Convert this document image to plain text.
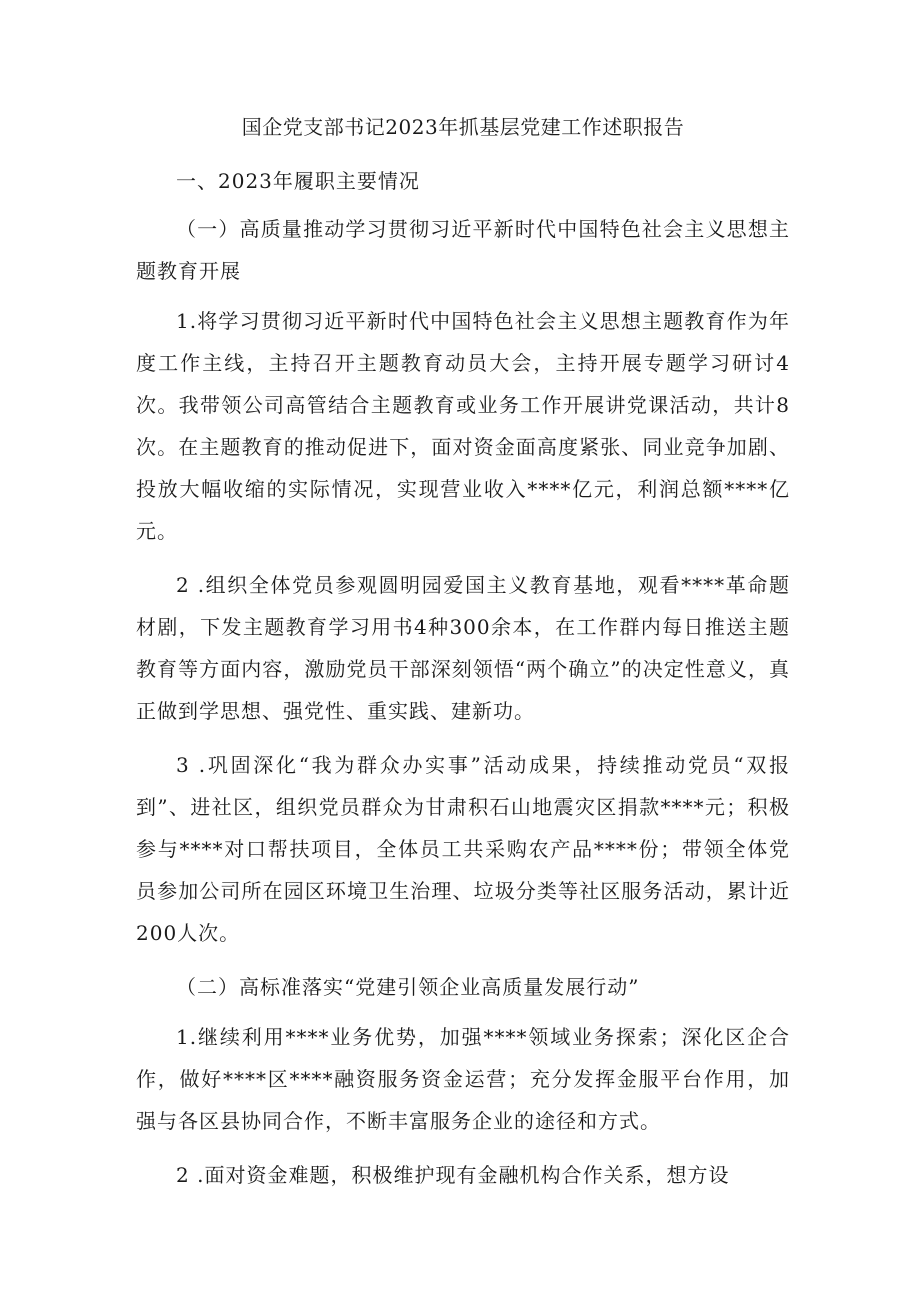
国企党支部书记2023年抓基层党建工作述职报告

一、2023年履职主要情况

（一）高质量推动学习贯彻习近平新时代中国特色社会主义思想主题教育开展

1.将学习贯彻习近平新时代中国特色社会主义思想主题教育作为年度工作主线，主持召开主题教育动员大会，主持开展专题学习研讨4次。我带领公司高管结合主题教育或业务工作开展讲党课活动，共计8次。在主题教育的推动促进下，面对资金面高度紧张、同业竞争加剧、投放大幅收缩的实际情况，实现营业收入****亿元，利润总额****亿元。

2 .组织全体党员参观圆明园爱国主义教育基地，观看****革命题材剧，下发主题教育学习用书4种300余本，在工作群内每日推送主题教育等方面内容，激励党员干部深刻领悟“两个确立”的决定性意义，真正做到学思想、强党性、重实践、建新功。

3 .巩固深化“我为群众办实事”活动成果，持续推动党员“双报到”、进社区，组织党员群众为甘肃积石山地震灾区捐款****元；积极参与****对口帮扶项目，全体员工共采购农产品****份；带领全体党员参加公司所在园区环境卫生治理、垃圾分类等社区服务活动，累计近200人次。

（二）高标准落实“党建引领企业高质量发展行动”

1.继续利用****业务优势，加强****领域业务探索；深化区企合作，做好****区****融资服务资金运营；充分发挥金服平台作用，加强与各区县协同合作，不断丰富服务企业的途径和方式。

2 .面对资金难题，积极维护现有金融机构合作关系，想方设
